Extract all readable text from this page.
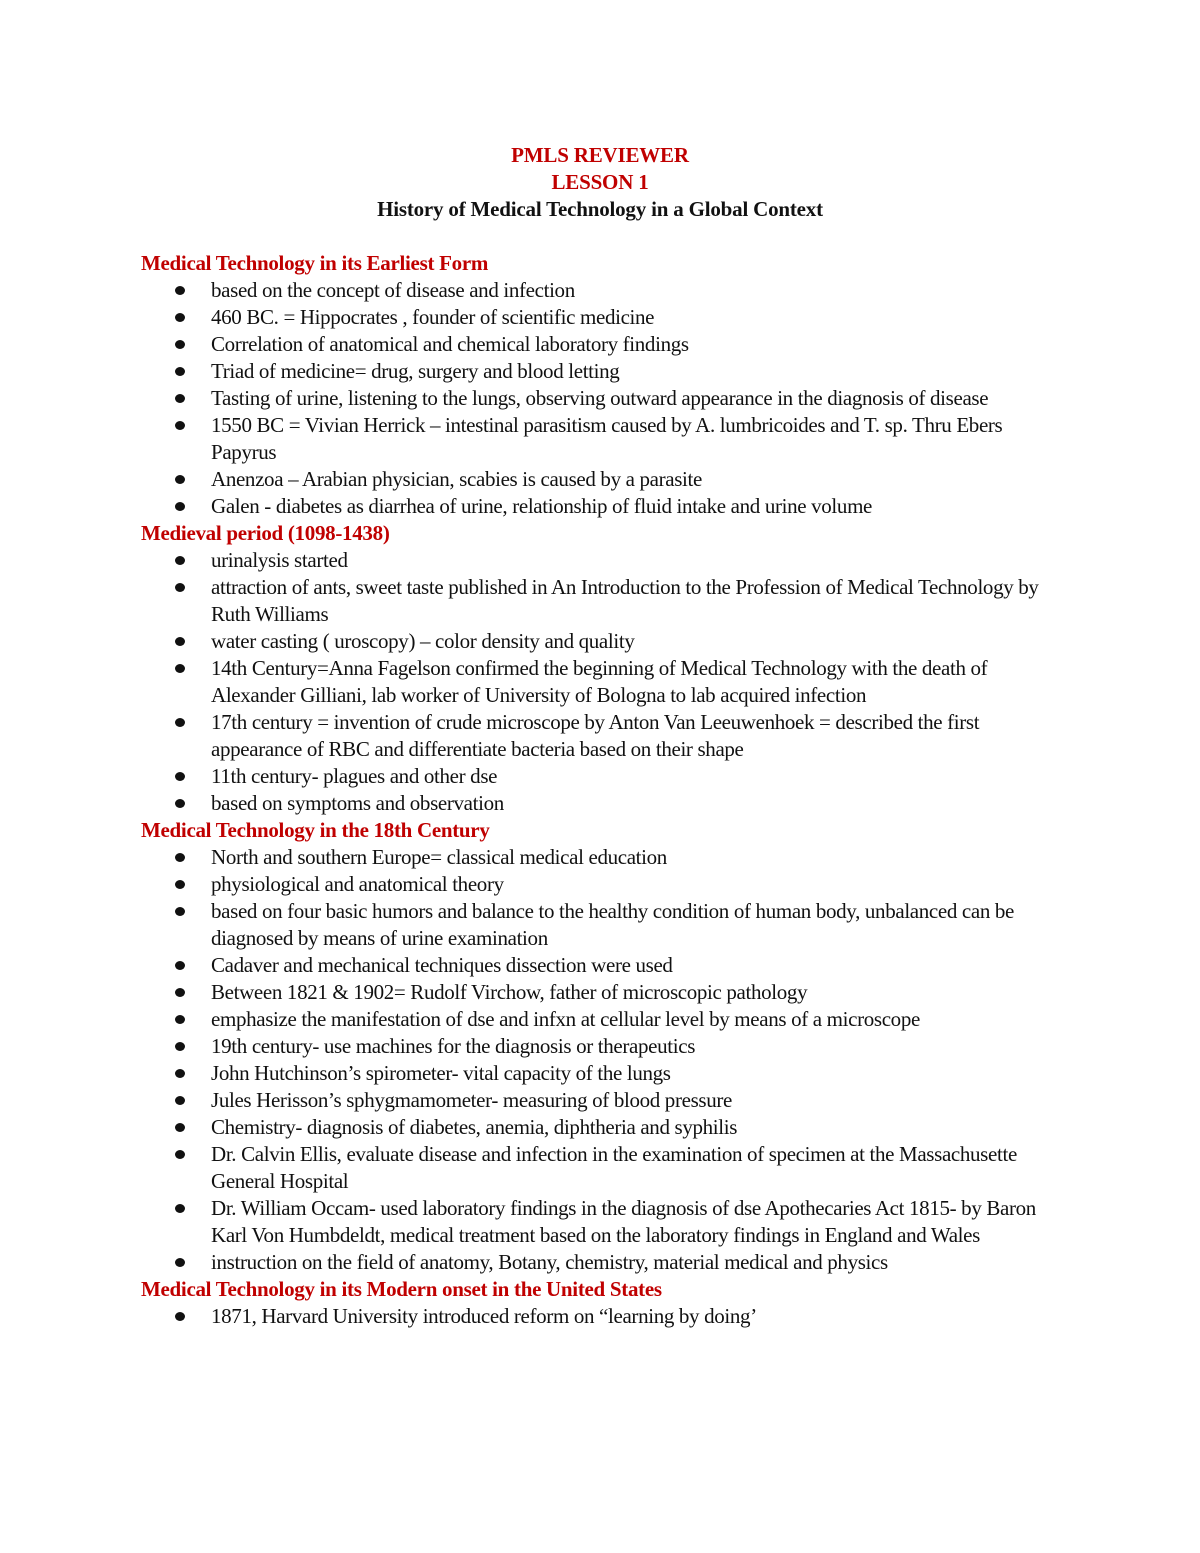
PMLS REVIEWER
LESSON 1
History of Medical Technology in a Global Context
Medical Technology in its Earliest Form
based on the concept of disease and infection
460 BC. = Hippocrates , founder of scientific medicine
Correlation of anatomical and chemical laboratory findings
Triad of medicine= drug, surgery and blood letting
Tasting of urine, listening to the lungs, observing outward appearance in the diagnosis of disease
1550 BC = Vivian Herrick – intestinal parasitism caused by A. lumbricoides and T. sp. Thru Ebers Papyrus
Anenzoa – Arabian physician, scabies is caused by a parasite
Galen - diabetes as diarrhea of urine, relationship of fluid intake and urine volume
Medieval period (1098-1438)
urinalysis started
attraction of ants, sweet taste published in An Introduction to the Profession of Medical Technology by Ruth Williams
water casting ( uroscopy) – color density and quality
14th Century=Anna Fagelson confirmed the beginning of Medical Technology with the death of Alexander Gilliani, lab worker of University of Bologna to lab acquired infection
17th century = invention of crude microscope by Anton Van Leeuwenhoek = described the first appearance of RBC and differentiate bacteria based on their shape
11th century- plagues and other dse
based on symptoms and observation
Medical Technology in the 18th Century
North and southern Europe= classical medical education
physiological and anatomical theory
based on four basic humors and balance to the healthy condition of human body, unbalanced can be diagnosed by means of urine examination
Cadaver and mechanical techniques dissection were used
Between 1821 & 1902= Rudolf Virchow, father of microscopic pathology
emphasize the manifestation of dse and infxn at cellular level by means of a microscope
19th century- use machines for the diagnosis or therapeutics
John Hutchinson’s spirometer- vital capacity of the lungs
Jules Herisson’s sphygmamometer- measuring of blood pressure
Chemistry- diagnosis of diabetes, anemia, diphtheria and syphilis
Dr. Calvin Ellis, evaluate disease and infection in the examination of specimen at the Massachusette General Hospital
Dr. William Occam- used laboratory findings in the diagnosis of dse Apothecaries Act 1815- by Baron Karl Von Humbdeldt, medical treatment based on the laboratory findings in England and Wales
instruction on the field of anatomy, Botany, chemistry, material medical and physics
Medical Technology in its Modern onset in the United States
1871, Harvard University introduced reform on “learning by doing’
